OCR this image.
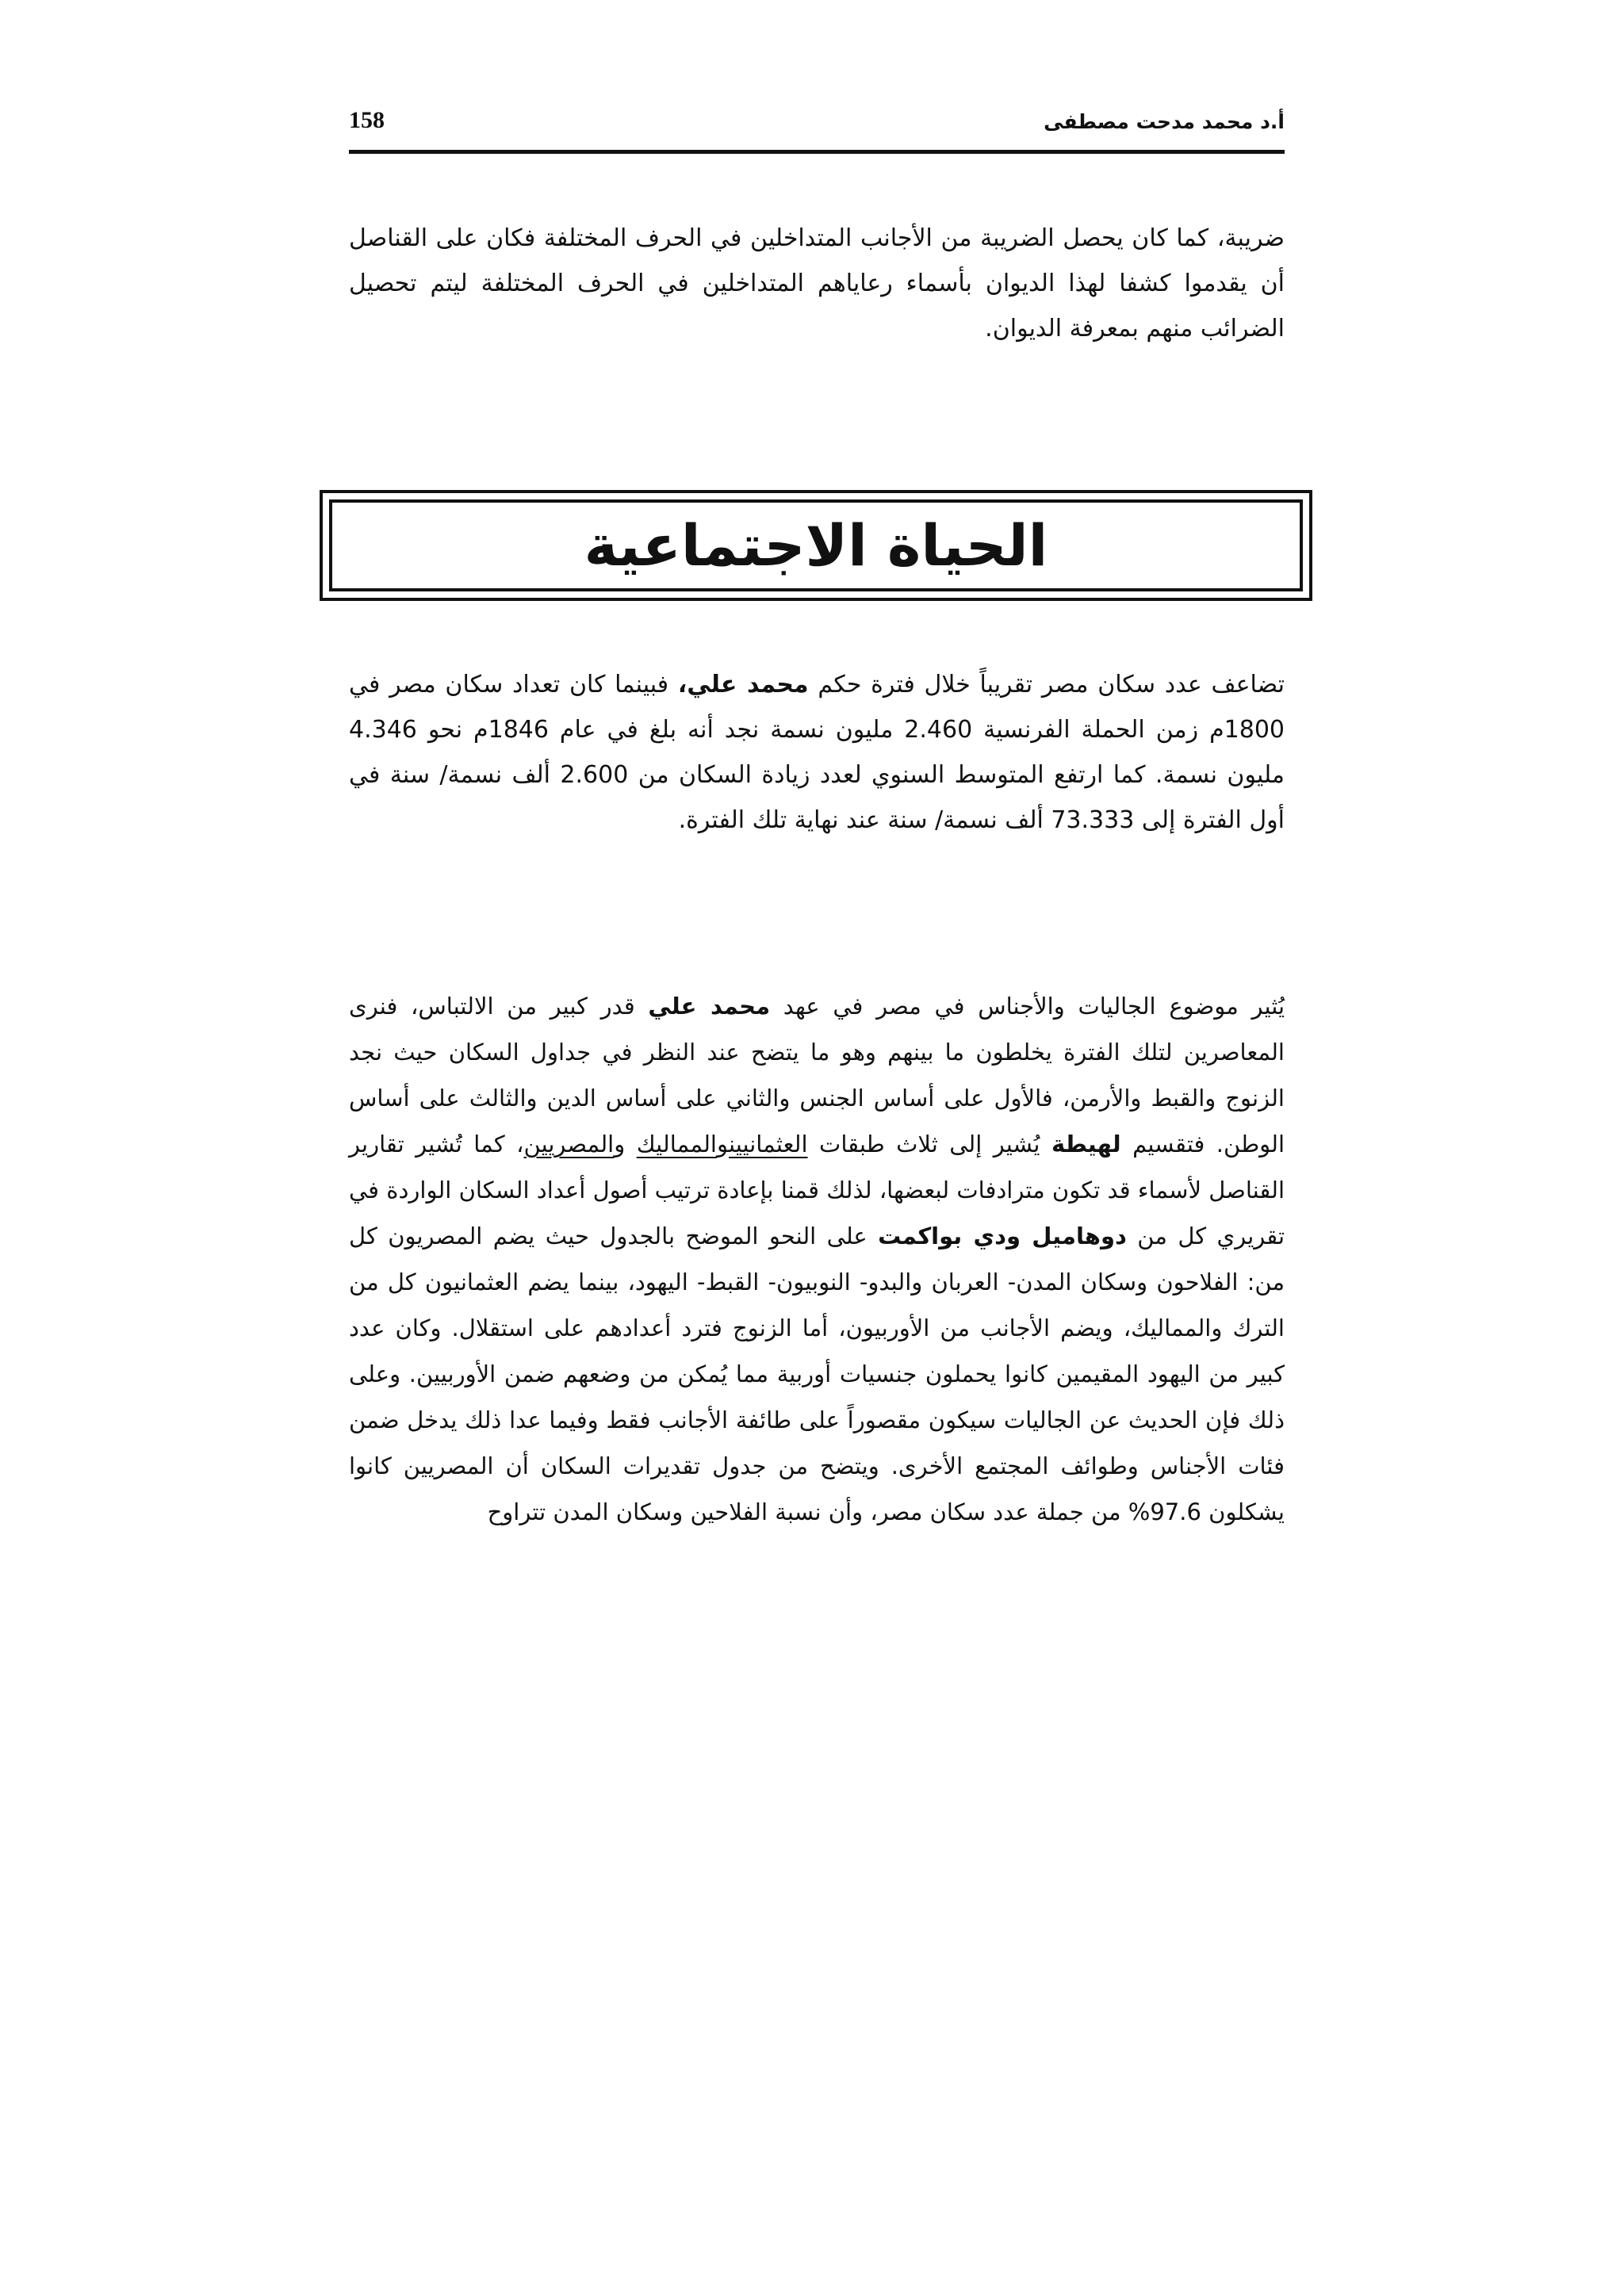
158	أ.د محمد مدحت مصطفى

ضريبة، كما كان يحصل الضريبة من الأجانب المتداخلين في الحرف المختلفة فكان على القناصل أن يقدموا كشفا لهذا الديوان بأسماء رعاياهم المتداخلين في الحرف المختلفة ليتم تحصيل الضرائب منهم بمعرفة الديوان.

الحياة الاجتماعية

تضاعف عدد سكان مصر تقريباً خلال فترة حكم محمد علي، فبينما كان تعداد سكان مصر في 1800م زمن الحملة الفرنسية 2.460 مليون نسمة نجد أنه بلغ في عام 1846م نحو 4.346 مليون نسمة. كما ارتفع المتوسط السنوي لعدد زيادة السكان من 2.600 ألف نسمة/ سنة في أول الفترة إلى 73.333 ألف نسمة/ سنة عند نهاية تلك الفترة.

يُثير موضوع الجاليات والأجناس في مصر في عهد محمد علي قدر كبير من الالتباس، فنرى المعاصرين لتلك الفترة يخلطون ما بينهم وهو ما يتضح عند النظر في جداول السكان حيث نجد الزنوج والقبط والأرمن، فالأول على أساس الجنس والثاني على أساس الدين والثالث على أساس الوطن. فتقسيم لهيطة يُشير إلى ثلاث طبقات العثمانيينوالمماليك والمصريين، كما تُشير تقارير القناصل لأسماء قد تكون مترادفات لبعضها، لذلك قمنا بإعادة ترتيب أصول أعداد السكان الواردة في تقريري كل من دوهاميل ودي بواكمت على النحو الموضح بالجدول حيث يضم المصريون كل من: الفلاحون وسكان المدن- العربان والبدو- النوبيون- القبط- اليهود، بينما يضم العثمانيون كل من الترك والمماليك، ويضم الأجانب من الأوربيون، أما الزنوج فترد أعدادهم على استقلال. وكان عدد كبير من اليهود المقيمين كانوا يحملون جنسيات أوربية مما يُمكن من وضعهم ضمن الأوربيين. وعلى ذلك فإن الحديث عن الجاليات سيكون مقصوراً على طائفة الأجانب فقط وفيما عدا ذلك يدخل ضمن فئات الأجناس وطوائف المجتمع الأخرى. ويتضح من جدول تقديرات السكان أن المصريين كانوا يشكلون 97.6% من جملة عدد سكان مصر، وأن نسبة الفلاحين وسكان المدن تتراوح
